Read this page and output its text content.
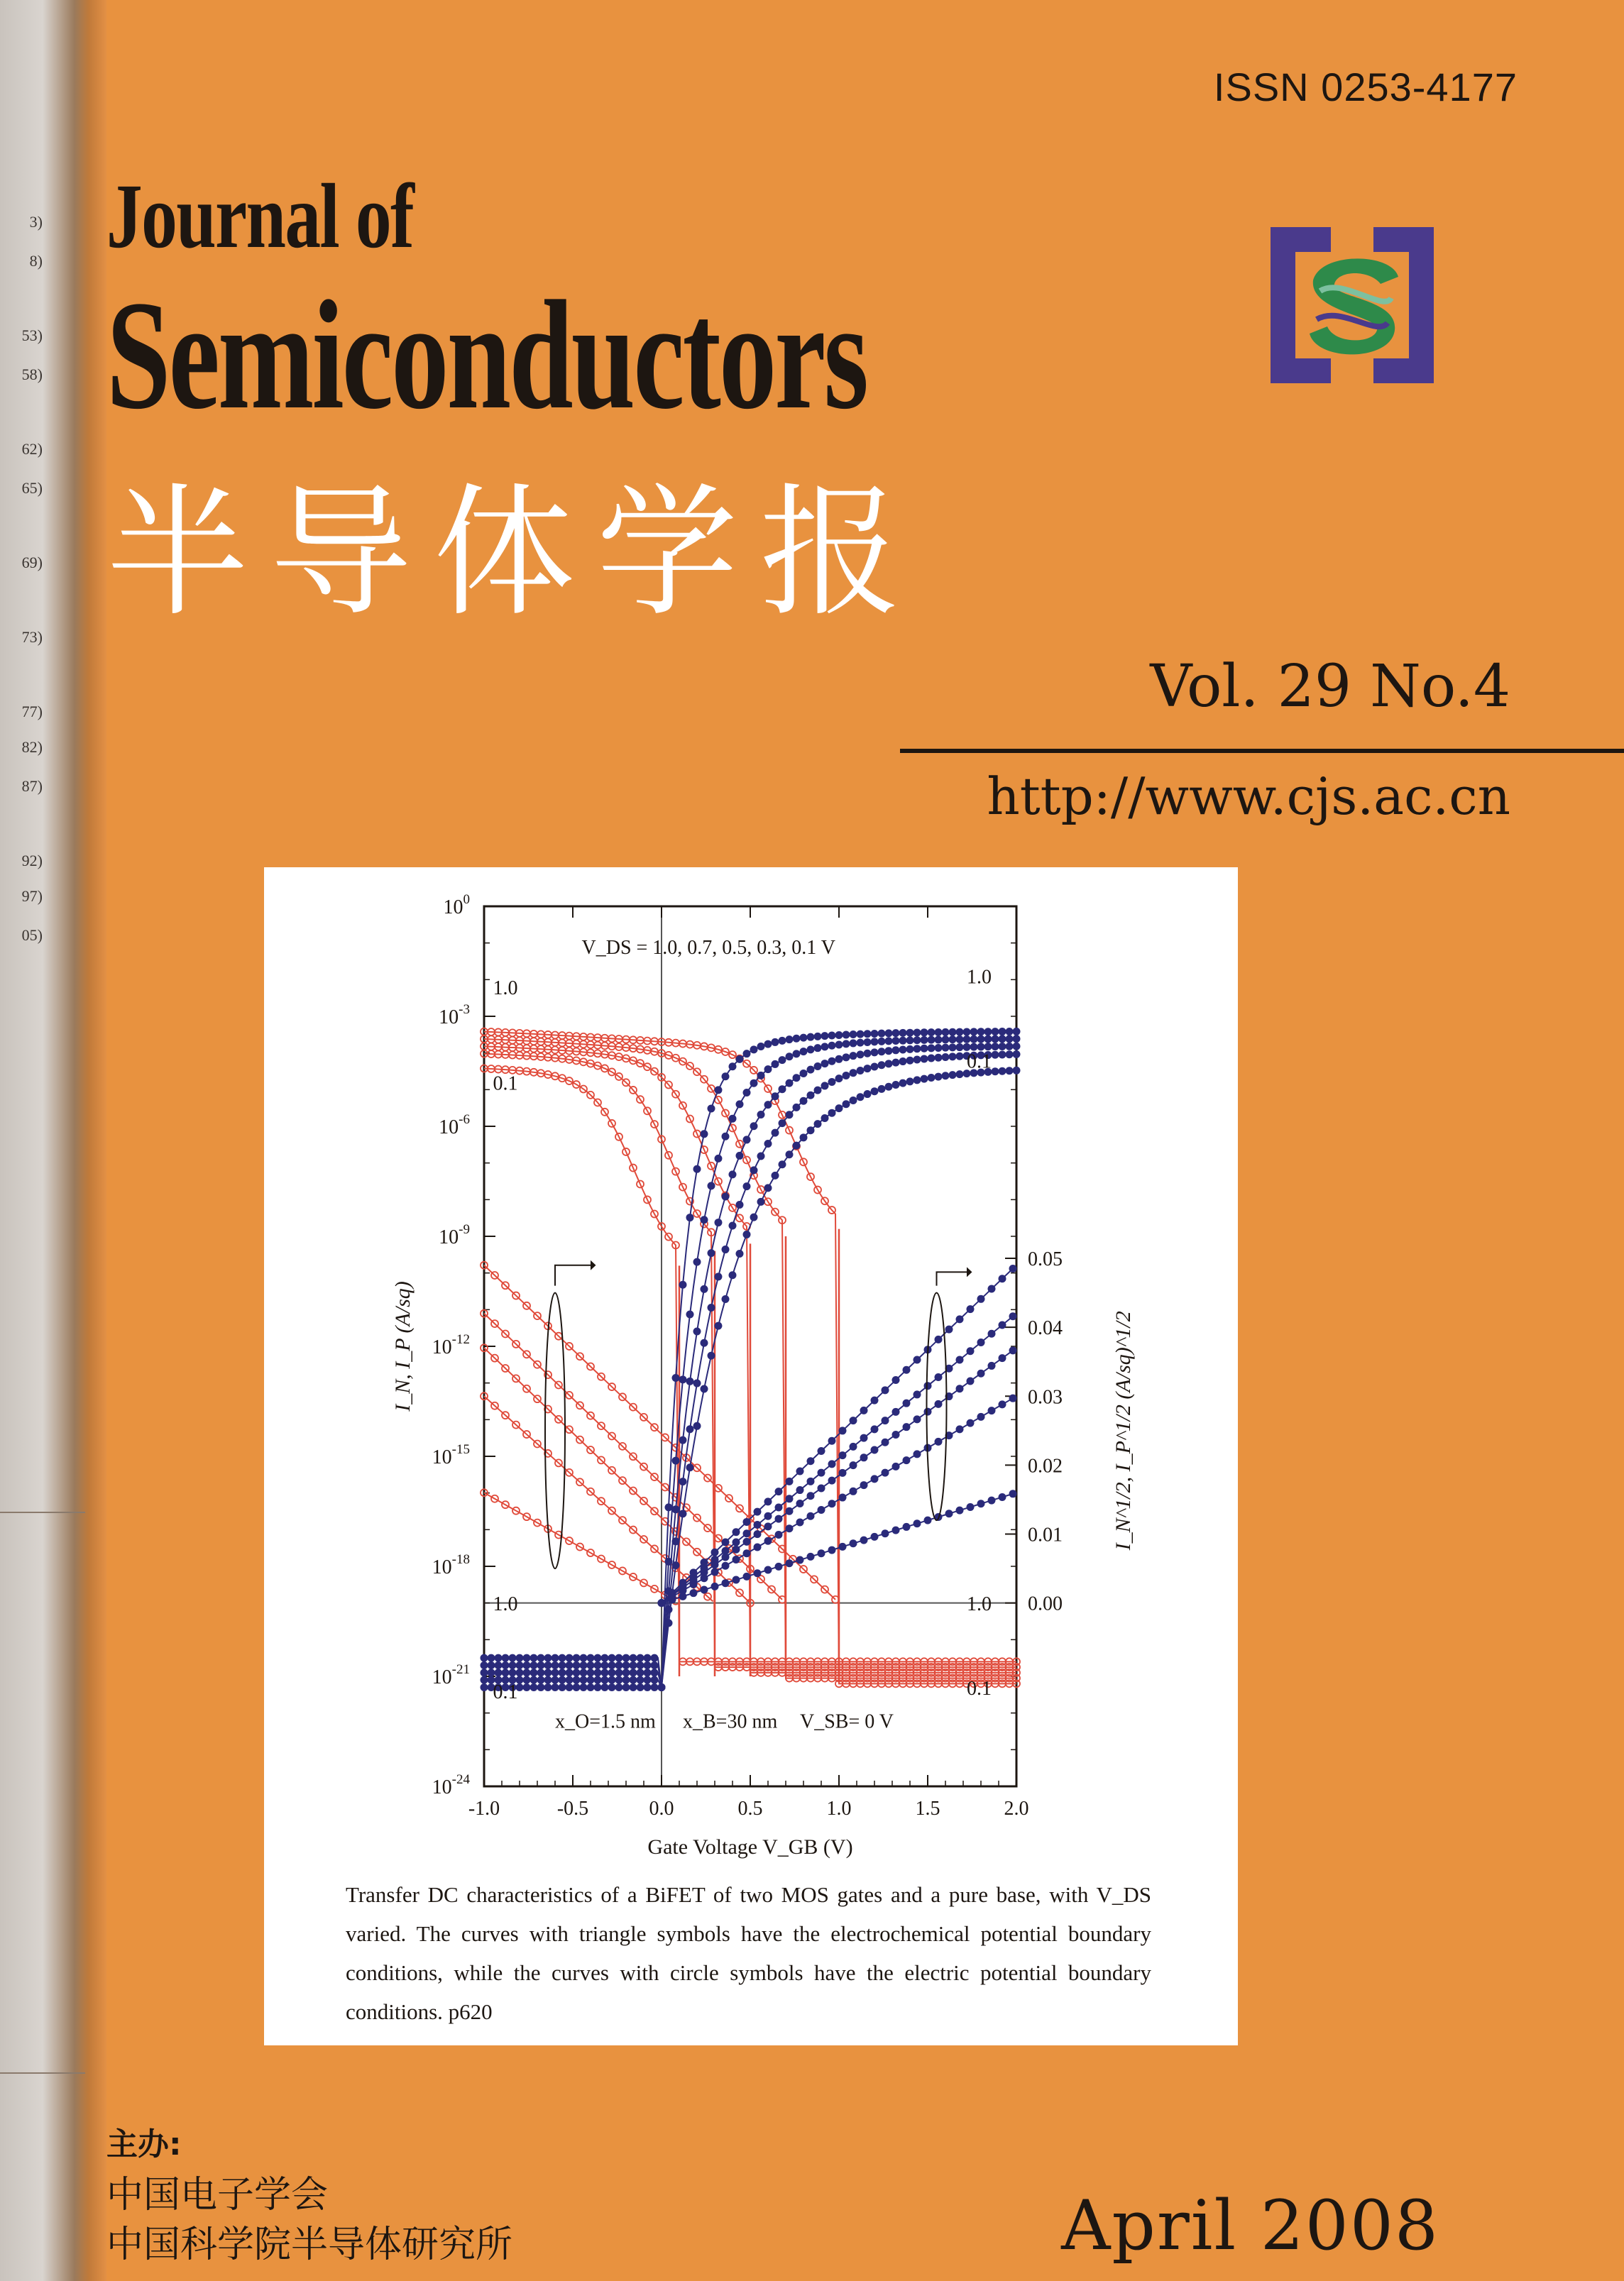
3)
8)
53)
58)
62)
65)
69)
73)
77)
82)
87)
92)
97)
05)
ISSN 0253-4177
Journal of
Semiconductors
半导体学报
Vol. 29 No.4
http://www.cjs.ac.cn
-1.0	-0.5	0.0	0.5	1.0	1.5	2.0
$10^0$
$10^{-3}$
$10^{-6}$
$10^{-9}$
$10^{-12}$
$10^{-15}$
$10^{-18}$
$10^{-21}$
$10^{-24}$
0.00
0.01
0.02
0.03
0.04
0.05
Gate Voltage V_GB (V)
I_N, I_P (A/sq)	I_N^1/2, I_P^1/2 (A/sq)^1/2
V_DS = 1.0, 0.7, 0.5, 0.3, 0.1 V
1.0
0.1
1.0
0.1
1.0
0.1
1.0
0.1
x_O=1.5 nm x_B=30 nm V_SB= 0 V
Transfer DC characteristics of a BiFET of two MOS gates and a pure base, with V_DS varied. The curves with triangle symbols have the electrochemical potential boundary conditions, while the curves with circle symbols have the electric potential boundary conditions. p620
主办:
中国电子学会
中国科学院半导体研究所	April 2008
